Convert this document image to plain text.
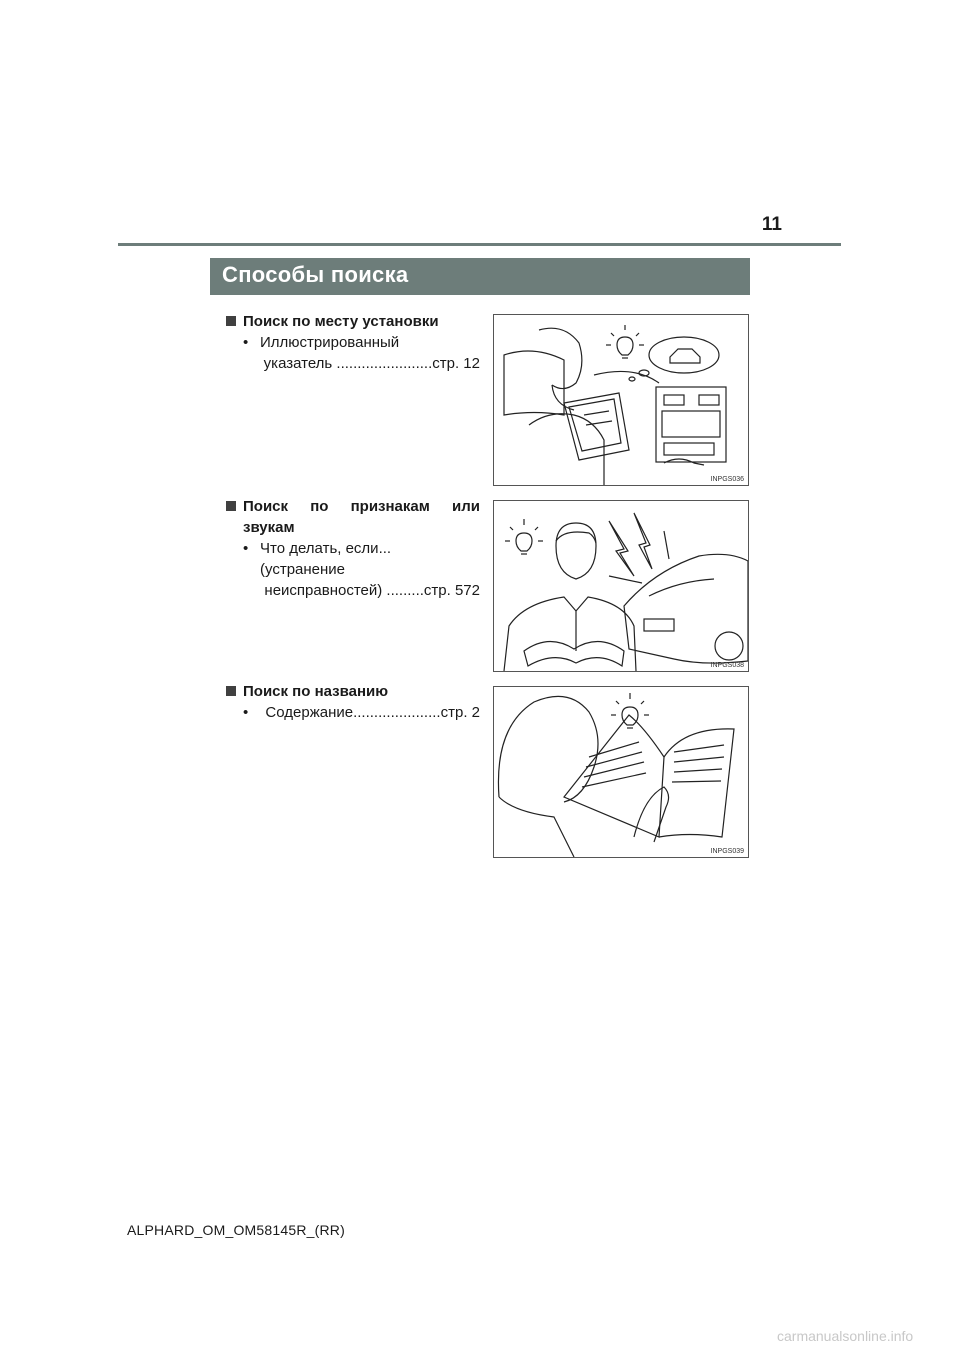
11
Способы поиска
Поиск по месту установки
• Иллюстрированный
указатель .......................стр. 12
INPGS036
Поиск по признакам или
звукам
• Что делать, если...
(устранение
неисправностей) .........стр. 572
INPGS038
Поиск по названию
•	Содержание.....................стр. 2
INPGS039
ALPHARD_OM_OM58145R_(RR)
carmanualsonline.info
